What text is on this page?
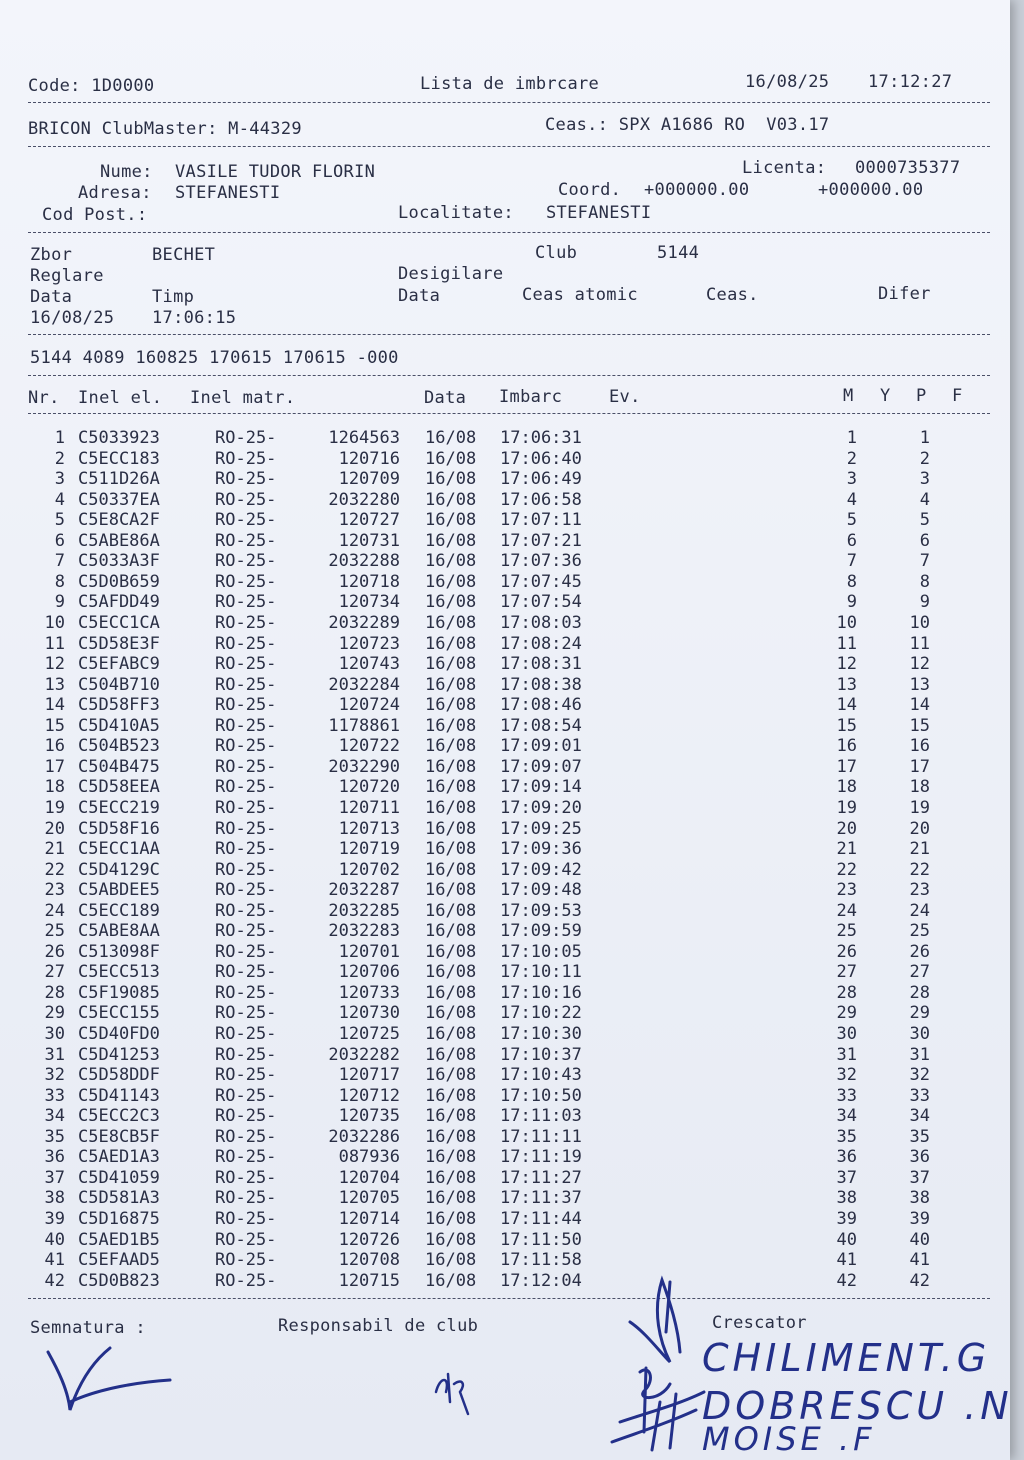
Code: 1D0000	Lista de imbrcare	16/08/25 17:12:27
BRICON ClubMaster: M-44329	Ceas.: SPX A1686 RO  V03.17
Nume: VASILE TUDOR FLORIN	Licenta: 0000735377
Adresa: STEFANESTI	Coord. +000000.00	+000000.00
Cod Post.:	Localitate: STEFANESTI
Zbor	BECHET	Club	5144
Reglare	Desigilare
Data	Timp	Data	Ceas atomic	Ceas.	Difer
16/08/25 17:06:15
5144 4089 160825 170615 170615 -000
Nr. Inel el. Inel matr.	Data Imbarc	Ev.	M Y P F
1 C5033923	RO-25-	1264563 16/08 17:06:31	1	1
2 C5ECC183	RO-25-	120716 16/08 17:06:40	2	2
3 C511D26A	RO-25-	120709 16/08 17:06:49	3	3
4 C50337EA	RO-25-	2032280 16/08 17:06:58	4	4
5 C5E8CA2F	RO-25-	120727 16/08 17:07:11	5	5
6 C5ABE86A	RO-25-	120731 16/08 17:07:21	6	6
7 C5033A3F	RO-25-	2032288 16/08 17:07:36	7	7
8 C5D0B659	RO-25-	120718 16/08 17:07:45	8	8
9 C5AFDD49	RO-25-	120734 16/08 17:07:54	9	9
10 C5ECC1CA	RO-25-	2032289 16/08 17:08:03	10	10
11 C5D58E3F	RO-25-	120723 16/08 17:08:24	11	11
12 C5EFABC9	RO-25-	120743 16/08 17:08:31	12	12
13 C504B710	RO-25-	2032284 16/08 17:08:38	13	13
14 C5D58FF3	RO-25-	120724 16/08 17:08:46	14	14
15 C5D410A5	RO-25-	1178861 16/08 17:08:54	15	15
16 C504B523	RO-25-	120722 16/08 17:09:01	16	16
17 C504B475	RO-25-	2032290 16/08 17:09:07	17	17
18 C5D58EEA	RO-25-	120720 16/08 17:09:14	18	18
19 C5ECC219	RO-25-	120711 16/08 17:09:20	19	19
20 C5D58F16	RO-25-	120713 16/08 17:09:25	20	20
21 C5ECC1AA	RO-25-	120719 16/08 17:09:36	21	21
22 C5D4129C	RO-25-	120702 16/08 17:09:42	22	22
23 C5ABDEE5	RO-25-	2032287 16/08 17:09:48	23	23
24 C5ECC189	RO-25-	2032285 16/08 17:09:53	24	24
25 C5ABE8AA	RO-25-	2032283 16/08 17:09:59	25	25
26 C513098F	RO-25-	120701 16/08 17:10:05	26	26
27 C5ECC513	RO-25-	120706 16/08 17:10:11	27	27
28 C5F19085	RO-25-	120733 16/08 17:10:16	28	28
29 C5ECC155	RO-25-	120730 16/08 17:10:22	29	29
30 C5D40FD0	RO-25-	120725 16/08 17:10:30	30	30
31 C5D41253	RO-25-	2032282 16/08 17:10:37	31	31
32 C5D58DDF	RO-25-	120717 16/08 17:10:43	32	32
33 C5D41143	RO-25-	120712 16/08 17:10:50	33	33
34 C5ECC2C3	RO-25-	120735 16/08 17:11:03	34	34
35 C5E8CB5F	RO-25-	2032286 16/08 17:11:11	35	35
36 C5AED1A3	RO-25-	087936 16/08 17:11:19	36	36
37 C5D41059	RO-25-	120704 16/08 17:11:27	37	37
38 C5D581A3	RO-25-	120705 16/08 17:11:37	38	38
39 C5D16875	RO-25-	120714 16/08 17:11:44	39	39
40 C5AED1B5	RO-25-	120726 16/08 17:11:50	40	40
41 C5EFAAD5	RO-25-	120708 16/08 17:11:58	41	41
42 C5D0B823	RO-25-	120715 16/08 17:12:04	42	42
Semnatura :	Responsabil de club	Crescator
CHILIMENT.G
DOBRESCU .N
MOISE .F
